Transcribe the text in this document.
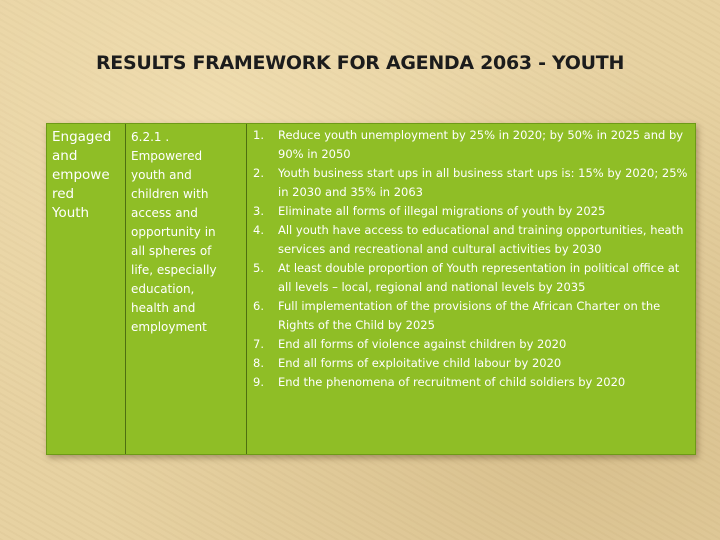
RESULTS FRAMEWORK FOR AGENDA 2063 - YOUTH
Engaged
and
empowe
red
Youth
6.2.1 .
Empowered
youth and
children with
access and
opportunity in
all spheres of
life, especially
education,
health and
employment
1. Reduce youth unemployment by 25% in 2020; by 50% in 2025 and by 90% in 2050
2. Youth business start ups in all business start ups is: 15% by 2020; 25% in 2030 and 35% in 2063
3. Eliminate all forms of illegal migrations of youth by 2025
4. All youth have access to educational and training opportunities, heath services and recreational and cultural activities by 2030
5. At least double proportion of Youth representation in political office at all levels – local, regional and national levels by 2035
6. Full implementation of the provisions of the African Charter on the Rights of the Child by 2025
7. End all forms of violence against children by 2020
8. End all forms of exploitative child labour by 2020
9. End the phenomena of recruitment of child soldiers by 2020
